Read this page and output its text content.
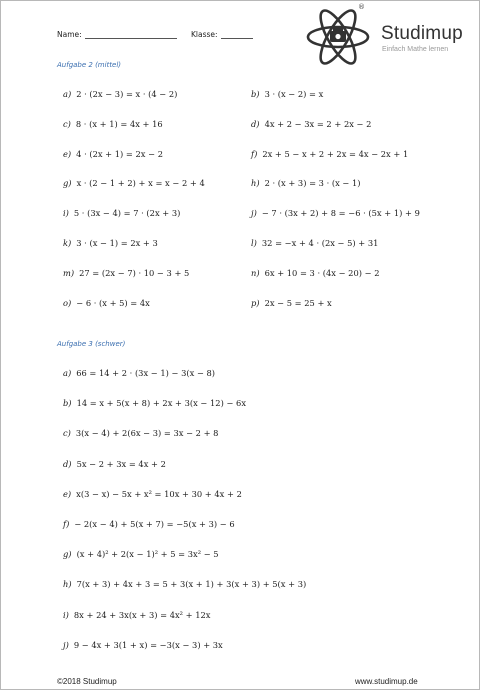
Name:	Klasse:
®
Studimup
Einfach Mathe lernen
Aufgabe 2 (mittel)
Aufgabe 3 (schwer)
a) 2 · (2x − 3) = x · (4 − 2)	b) 3 · (x − 2) = x
c) 8 · (x + 1) = 4x + 16	d) 4x + 2 − 3x = 2 + 2x − 2
e) 4 · (2x + 1) = 2x − 2	f) 2x + 5 − x + 2 + 2x = 4x − 2x + 1
g) x · (2 − 1 + 2) + x = x − 2 + 4	h) 2 · (x + 3) = 3 · (x − 1)
i) 5 · (3x − 4) = 7 · (2x + 3)	j) − 7 · (3x + 2) + 8 = −6 · (5x + 1) + 9
k) 3 · (x − 1) = 2x + 3	l) 32 = −x + 4 · (2x − 5) + 31
m) 27 = (2x − 7) · 10 − 3 + 5	n) 6x + 10 = 3 · (4x − 20) − 2
o) − 6 · (x + 5) = 4x	p) 2x − 5 = 25 + x
a) 66 = 14 + 2 · (3x − 1) − 3(x − 8)
b) 14 = x + 5(x + 8) + 2x + 3(x − 12) − 6x
c) 3(x − 4) + 2(6x − 3) = 3x − 2 + 8
d) 5x − 2 + 3x = 4x + 2
e) x(3 − x) − 5x + x² = 10x + 30 + 4x + 2
f) − 2(x − 4) + 5(x + 7) = −5(x + 3) − 6
g) (x + 4)² + 2(x − 1)² + 5 = 3x² − 5
h) 7(x + 3) + 4x + 3 = 5 + 3(x + 1) + 3(x + 3) + 5(x + 3)
i) 8x + 24 + 3x(x + 3) = 4x² + 12x
j) 9 − 4x + 3(1 + x) = −3(x − 3) + 3x
©2018 Studimup	www.studimup.de
